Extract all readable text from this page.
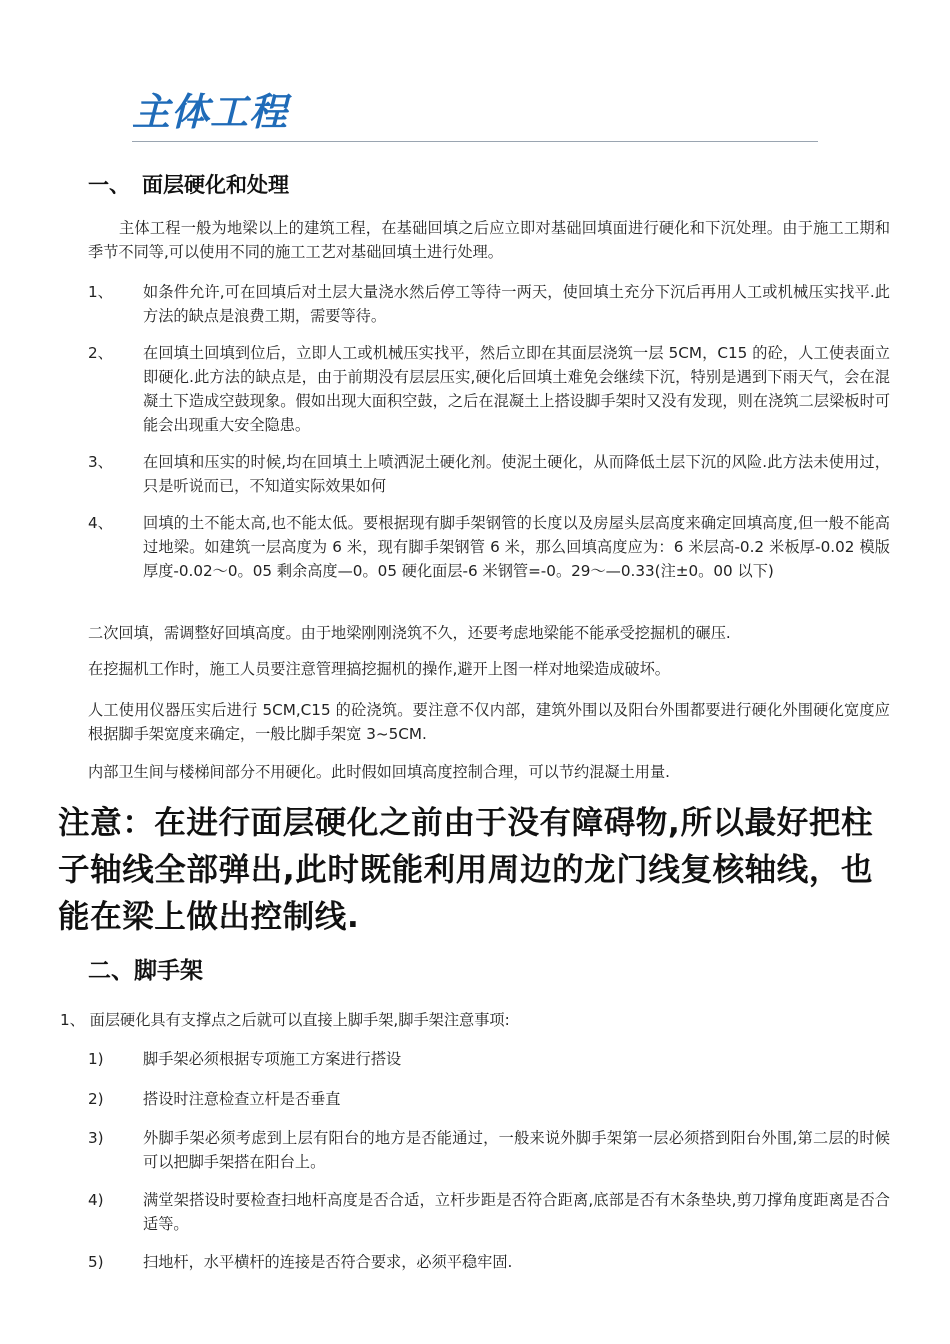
主体工程
一、 面层硬化和处理

主体工程一般为地梁以上的建筑工程，在基础回填之后应立即对基础回填面进行硬化和下沉处理。由于施工工期和季节不同等,可以使用不同的施工工艺对基础回填土进行处理。

1、 如条件允许,可在回填后对土层大量浇水然后停工等待一两天，使回填土充分下沉后再用人工或机械压实找平.此方法的缺点是浪费工期，需要等待。
2、 在回填土回填到位后，立即人工或机械压实找平，然后立即在其面层浇筑一层 5CM，C15 的砼，人工使表面立即硬化.此方法的缺点是，由于前期没有层层压实,硬化后回填土难免会继续下沉，特别是遇到下雨天气，会在混凝土下造成空鼓现象。假如出现大面积空鼓，之后在混凝土上搭设脚手架时又没有发现，则在浇筑二层梁板时可能会出现重大安全隐患。
3、 在回填和压实的时候,均在回填土上喷洒泥土硬化剂。使泥土硬化，从而降低土层下沉的风险.此方法未使用过，只是听说而已，不知道实际效果如何
4、 回填的土不能太高,也不能太低。要根据现有脚手架钢管的长度以及房屋头层高度来确定回填高度,但一般不能高过地梁。如建筑一层高度为 6 米，现有脚手架钢管 6 米，那么回填高度应为：6 米层高-0.2 米板厚-0.02 模版厚度-0.02～0。05 剩余高度—0。05 硬化面层-6 米钢管=-0。29～—0.33(注±0。00 以下)

二次回填，需调整好回填高度。由于地梁刚刚浇筑不久，还要考虑地梁能不能承受挖掘机的碾压.

在挖掘机工作时，施工人员要注意管理搞挖掘机的操作,避开上图一样对地梁造成破坏。

人工使用仪器压实后进行 5CM,C15 的砼浇筑。要注意不仅内部，建筑外围以及阳台外围都要进行硬化外围硬化宽度应根据脚手架宽度来确定，一般比脚手架宽 3~5CM.

内部卫生间与楼梯间部分不用硬化。此时假如回填高度控制合理，可以节约混凝土用量.

注意：在进行面层硬化之前由于没有障碍物,所以最好把柱子轴线全部弹出,此时既能利用周边的龙门线复核轴线，也能在梁上做出控制线.

二、脚手架

1、 面层硬化具有支撑点之后就可以直接上脚手架,脚手架注意事项:

1)	脚手架必须根据专项施工方案进行搭设
2)	搭设时注意检查立杆是否垂直
3)	外脚手架必须考虑到上层有阳台的地方是否能通过，一般来说外脚手架第一层必须搭到阳台外围,第二层的时候可以把脚手架搭在阳台上。
4)	满堂架搭设时要检查扫地杆高度是否合适，立杆步距是否符合距离,底部是否有木条垫块,剪刀撑角度距离是否合适等。
5)	扫地杆，水平横杆的连接是否符合要求，必须平稳牢固.
